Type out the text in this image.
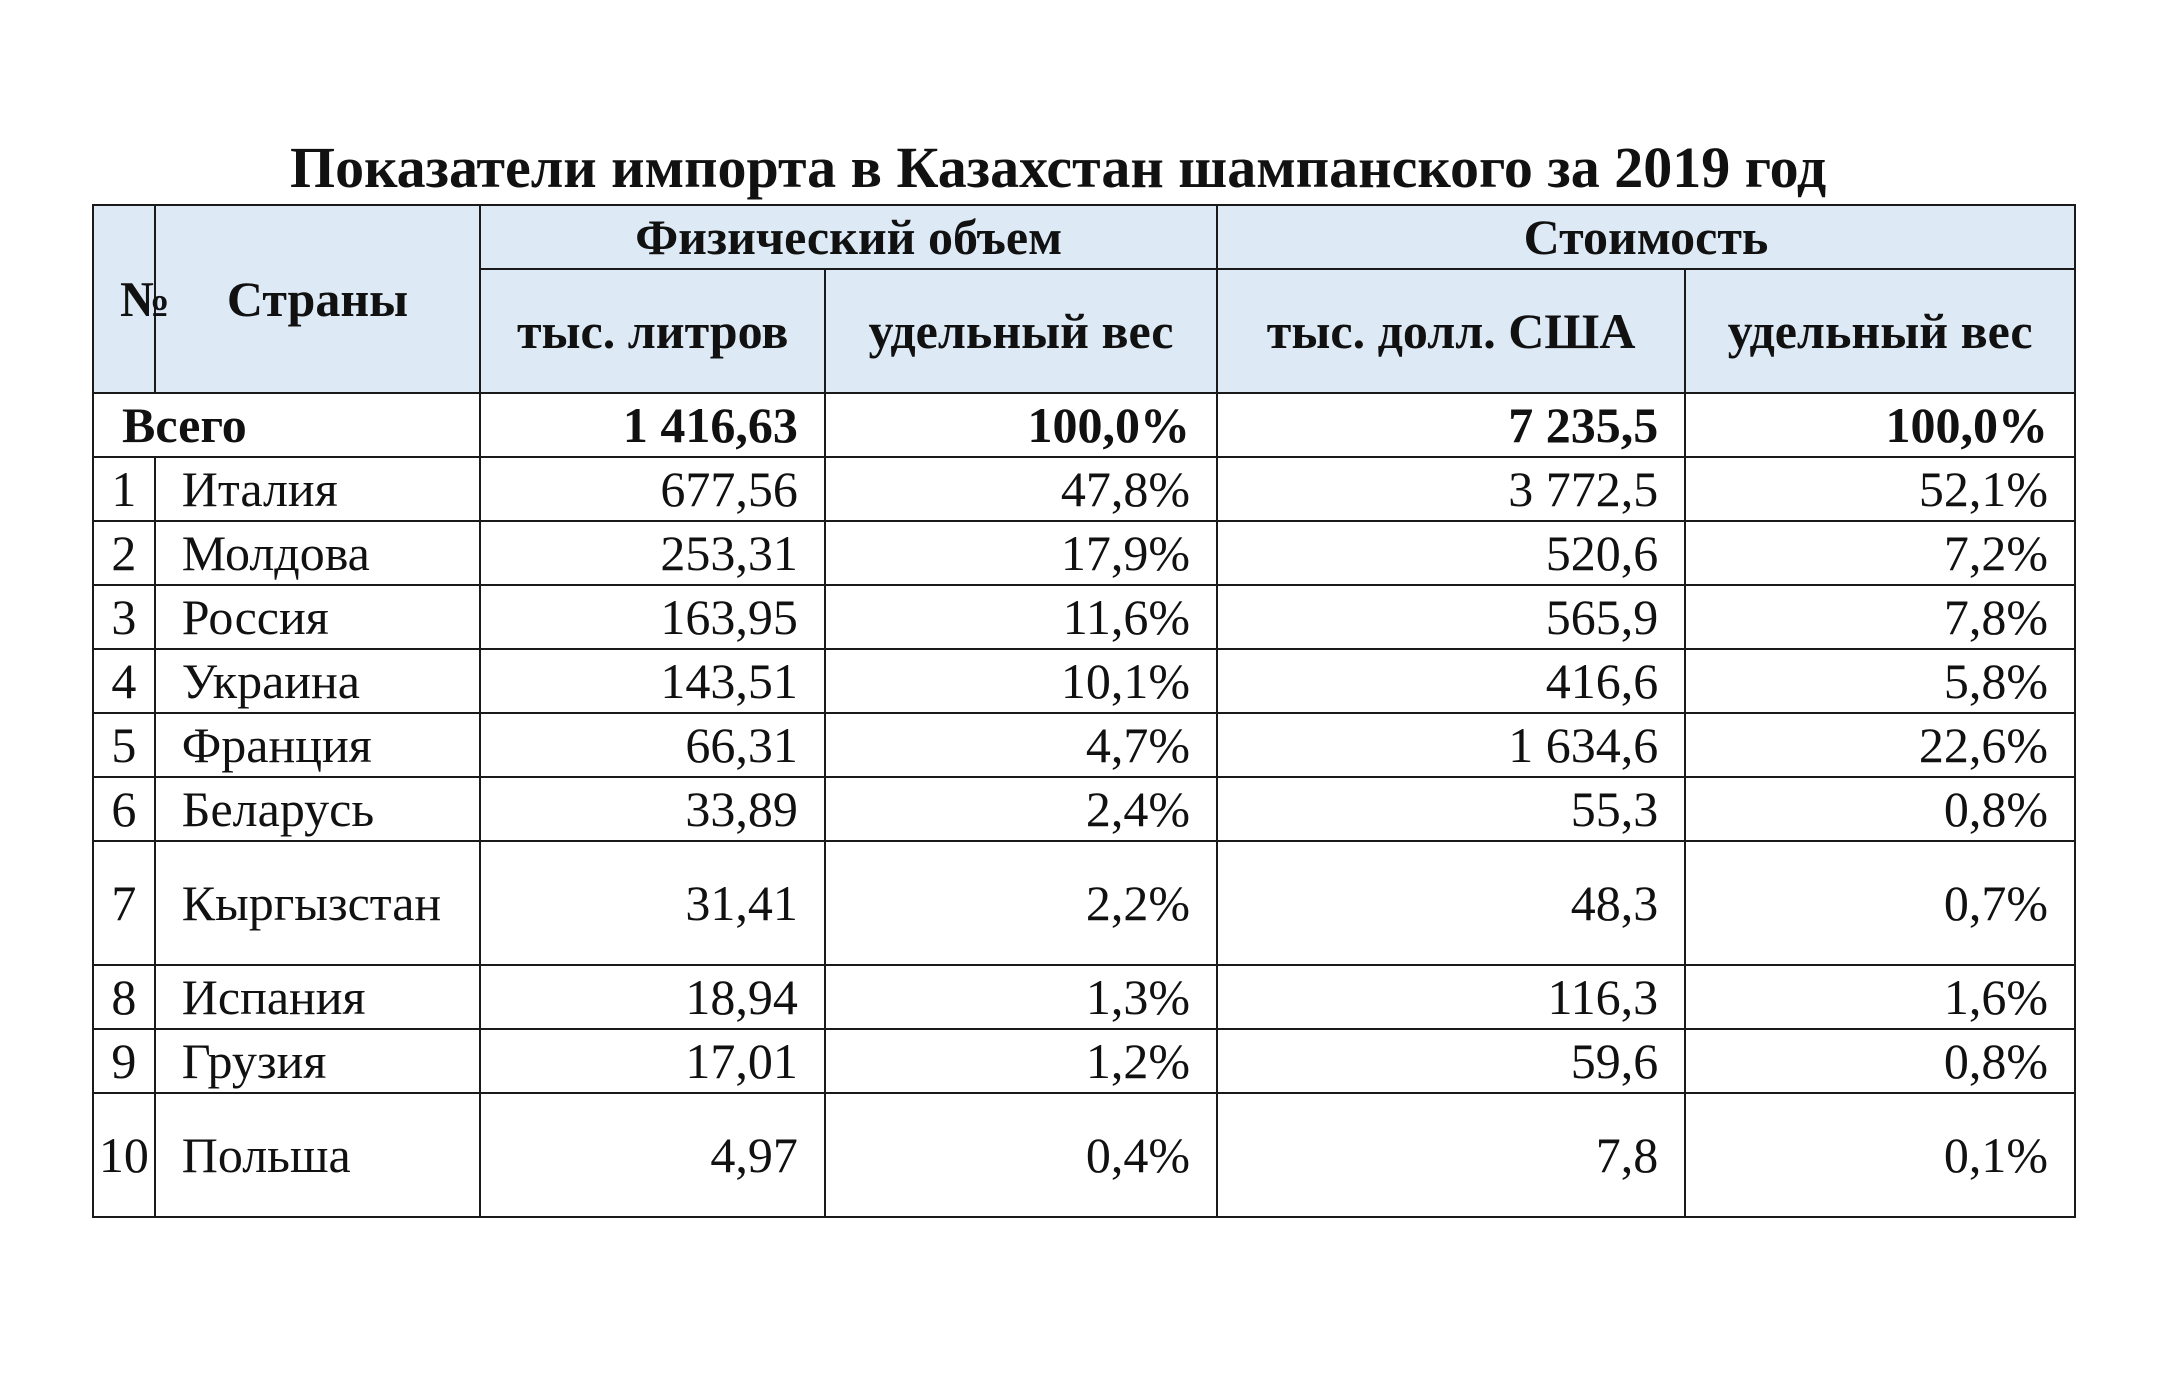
Показатели импорта в Казахстан шампанского за 2019 год
№	Страны	Физический объем		Стоимость	
		тыс. литров	удельный вес	тыс. долл. США	удельный вес
Всего		1 416,63	100,0%	7 235,5	100,0%
1	Италия	677,56	47,8%	3 772,5	52,1%
2	Молдова	253,31	17,9%	520,6	7,2%
3	Россия	163,95	11,6%	565,9	7,8%
4	Украина	143,51	10,1%	416,6	5,8%
5	Франция	66,31	4,7%	1 634,6	22,6%
6	Беларусь	33,89	2,4%	55,3	0,8%
7	Кыргызстан	31,41	2,2%	48,3	0,7%
8	Испания	18,94	1,3%	116,3	1,6%
9	Грузия	17,01	1,2%	59,6	0,8%
10	Польша	4,97	0,4%	7,8	0,1%
